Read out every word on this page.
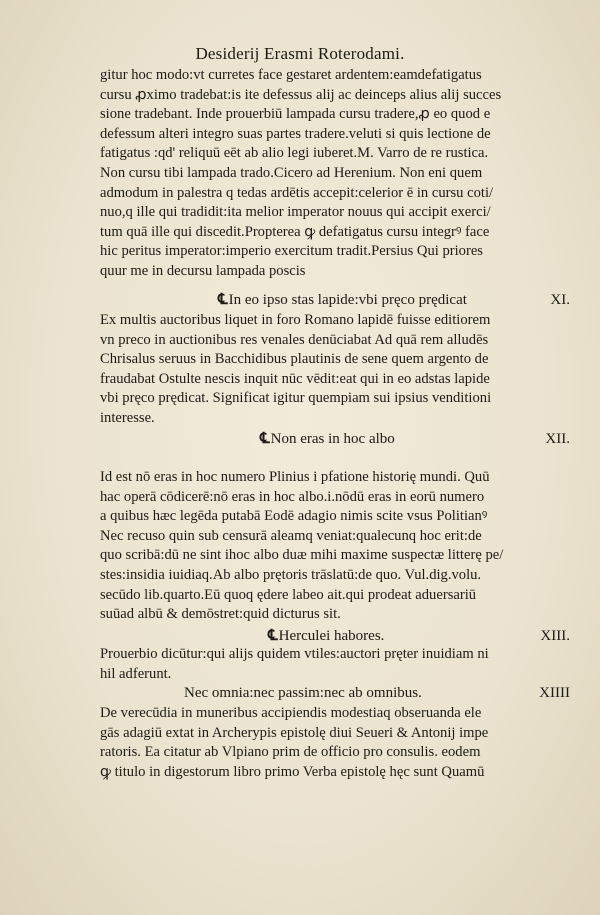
Desiderij Erasmi Roterodami.
gitur hoc modo:vt curretes face gestaret ardentem:eamdefatigatus
cursu ꝓximo tradebat:is ite defessus alij ac deinceps alius alij succes
sione tradebant. Inde prouerbiū lampada cursu tradere,ꝓ eo quod e
defessum alteri integro suas partes tradere.veluti si quis lectione de
fatigatus :qd' reliquū eēt ab alio legi iuberet.M. Varro de re rustica.
Non cursu tibi lampada trado.Cicero ad Herenium. Non eni quem
admodum in palestra q tedas ardētis accepit:celerior ē in cursu coti/
nuo,q ille qui tradidit:ita melior imperator nouus qui accipit exerci/
tum quā ille qui discedit.Propterea ꝙ defatigatus cursu integrꝰ face
hic peritus imperator:imperio exercitum tradit.Persius Qui priores
quur me in decursu lampada poscis
℄In eo ipso stas lapide:vbi pręco prędicat	XI.
Ex multis auctoribus liquet in foro Romano lapidē fuisse editiorem
vn preco in auctionibus res venales denūciabat Ad quā rem alludēs
Chrisalus seruus in Bacchidibus plautinis de sene quem argento de
fraudabat Ostulte nescis inquit nūc vēdit:eat qui in eo adstas lapide
vbi pręco prędicat. Significat igitur quempiam sui ipsius venditioni
interesse.
℄Non eras in hoc albo	XII.
Id est nō eras in hoc numero Plinius i pfatione historię mundi. Quū
hac operā cōdicerē:nō eras in hoc albo.i.nōdū eras in eorū numero
a quibus hæc legēda putabā Eodē adagio nimis scite vsus Politianꝰ
Nec recuso quin sub censurā aleamq veniat:qualecunq hoc erit:de
quo scribā:dū ne sint ihoc albo duæ mihi maxime suspectæ litterę pe/
stes:insidia iuidiaq.Ab albo prętoris trāslatū:de quo. Vul.dig.volu.
secūdo lib.quarto.Eū quoq ędere labeo ait.qui prodeat aduersariū
suūad albū & demōstret:quid dicturus sit.
℄Herculei habores.	XIII.
Prouerbio dicūtur:qui alijs quidem vtiles:auctori pręter inuidiam ni
hil adferunt.
Nec omnia:nec passim:nec ab omnibus.	XIIII
De verecūdia in muneribus accipiendis modestiaq obseruanda ele
gās adagiū extat in Archerypis epistolę diui Seueri & Antonij impe
ratoris. Ea citatur ab Vlpiano prim de officio pro consulis. eodem
ꝙ titulo in digestorum libro primo Verba epistolę hęc sunt Quamū
